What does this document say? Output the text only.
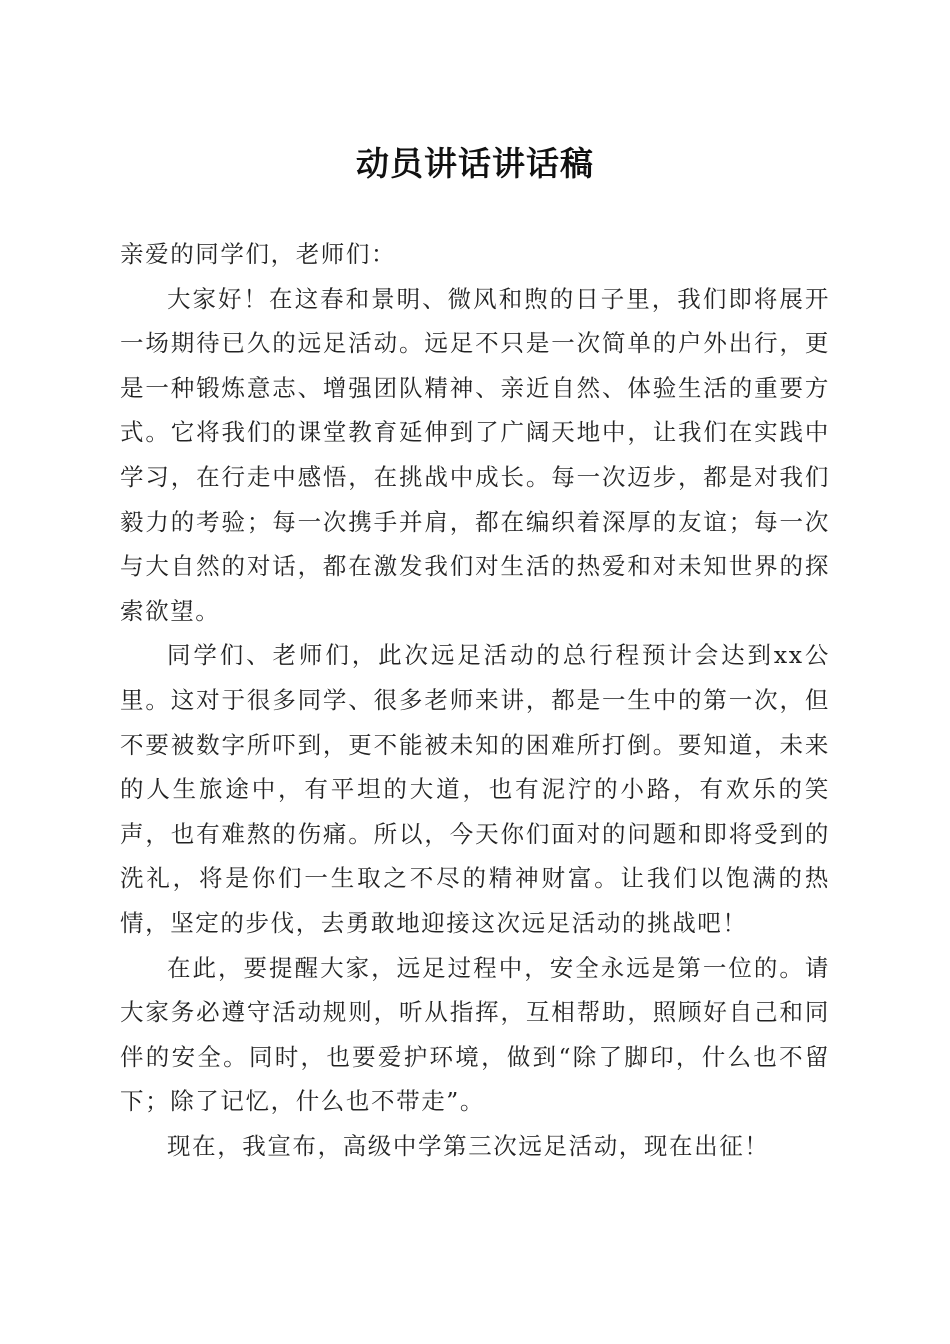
动员讲话讲话稿

亲爱的同学们，老师们：

大家好！在这春和景明、微风和煦的日子里，我们即将展开一场期待已久的远足活动。远足不只是一次简单的户外出行，更是一种锻炼意志、增强团队精神、亲近自然、体验生活的重要方式。它将我们的课堂教育延伸到了广阔天地中，让我们在实践中学习，在行走中感悟，在挑战中成长。每一次迈步，都是对我们毅力的考验；每一次携手并肩，都在编织着深厚的友谊；每一次与大自然的对话，都在激发我们对生活的热爱和对未知世界的探索欲望。

同学们、老师们，此次远足活动的总行程预计会达到xx公里。这对于很多同学、很多老师来讲，都是一生中的第一次，但不要被数字所吓到，更不能被未知的困难所打倒。要知道，未来的人生旅途中，有平坦的大道，也有泥泞的小路，有欢乐的笑声，也有难熬的伤痛。所以，今天你们面对的问题和即将受到的洗礼，将是你们一生取之不尽的精神财富。让我们以饱满的热情，坚定的步伐，去勇敢地迎接这次远足活动的挑战吧！

在此，要提醒大家，远足过程中，安全永远是第一位的。请大家务必遵守活动规则，听从指挥，互相帮助，照顾好自己和同伴的安全。同时，也要爱护环境，做到“除了脚印，什么也不留下；除了记忆，什么也不带走”。

现在，我宣布，高级中学第三次远足活动，现在出征！
